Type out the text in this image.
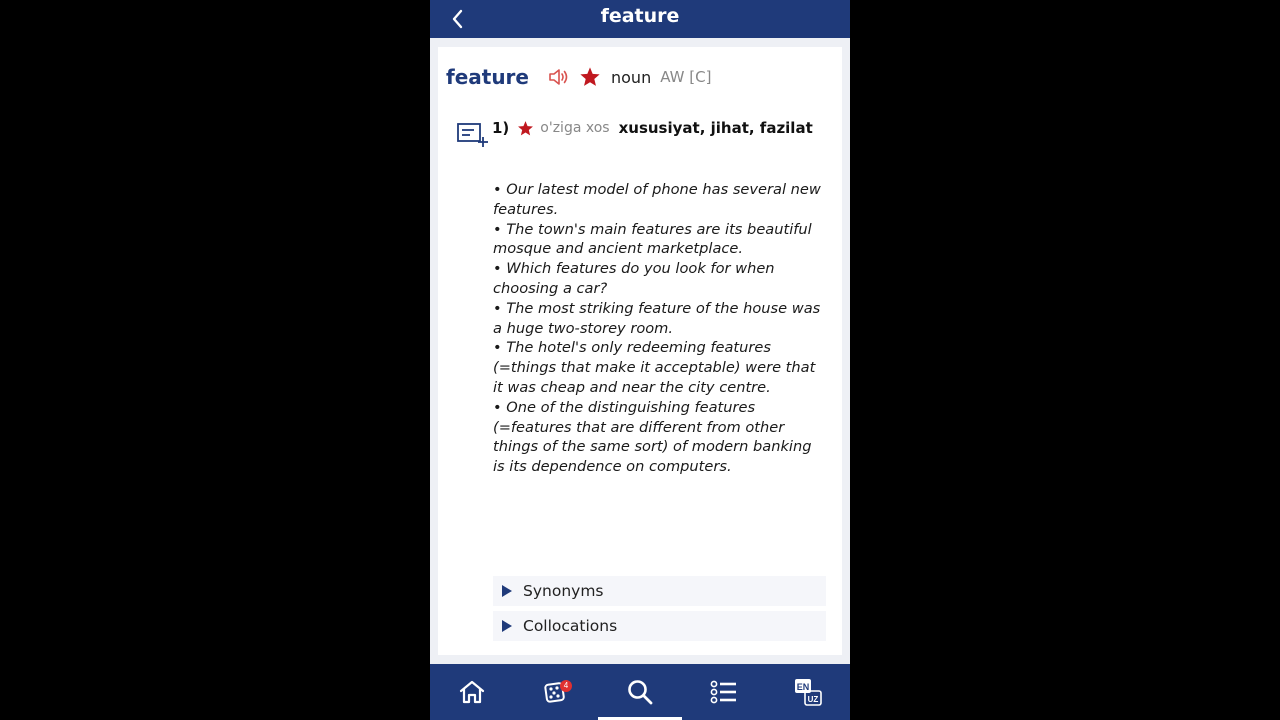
feature
feature	noun AW [C]
1) o'ziga xos xususiyat, jihat, fazilat
• Our latest model of phone has several new features.
• The town's main features are its beautiful mosque and ancient marketplace.
• Which features do you look for when choosing a car?
• The most striking feature of the house was a huge two-storey room.
• The hotel's only redeeming features (=things that make it acceptable) were that it was cheap and near the city centre.
• One of the distinguishing features (=features that are different from other things of the same sort) of modern banking is its dependence on computers.
Synonyms
Collocations
4	EN
UZ
